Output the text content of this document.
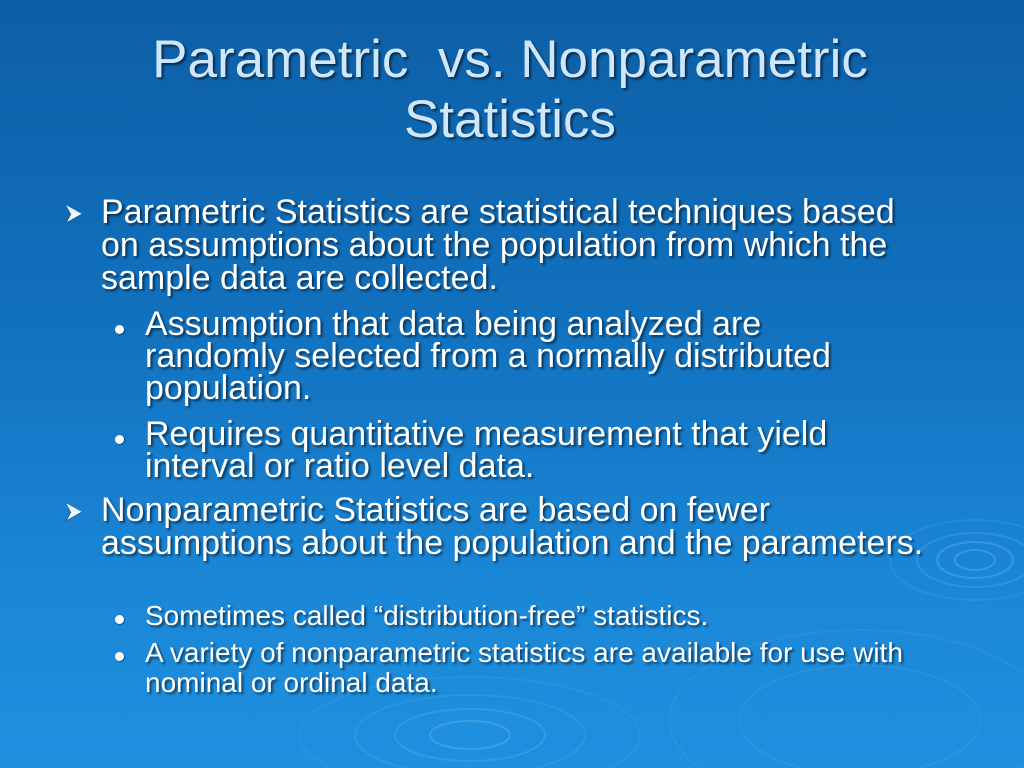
Parametric  vs. Nonparametric
Statistics
Parametric Statistics are statistical techniques based on assumptions about the population from which the sample data are collected.
Assumption that data being analyzed are randomly selected from a normally distributed population.
Requires quantitative measurement that yield interval or ratio level data.
Nonparametric Statistics are based on fewer assumptions about the population and the parameters.
Sometimes called “distribution-free” statistics.
A variety of nonparametric statistics are available for use with nominal or ordinal data.
